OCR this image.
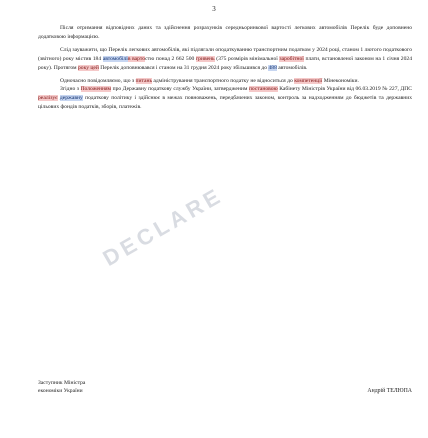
3

Після отримання відповідних даних та здійснення розрахунків середньоринкової вартості легкових автомобілів Перелік буде доповнено додатковою інформацією.

Слід зауважити, що Перелік легкових автомобілів, які підлягали оподаткуванню транспортним податком у 2024 році, станом 1 лютого податкового (звітного) року містив 184 автомобілів вартостю понад 2 662 500 гривень (375 розмірів мінімальної заробітної плати, встановленої законом на 1 січня 2024 року). Протягом року цей Перелік доповнювався і станом на 31 грудня 2024 року збільшився до 488 автомобілів.

Одночасно повідомляємо, що з питань адміністрування транспортного податку не відноситься до компетенції Мінекономіки.

Згідно з Положенням про Державну податкову службу України, затвердженим постановою Кабінету Міністрів України від 06.03.2019 № 227, ДПС реалізує державну податкову політику і здійснює в межах повноважень, передбачених законом, контроль за надходженням до бюджетів та державних цільових фондів податків, зборів, платежів.

DECLARE
Заступник Міністра
економіки України	Андрій ТЕЛЮПА
